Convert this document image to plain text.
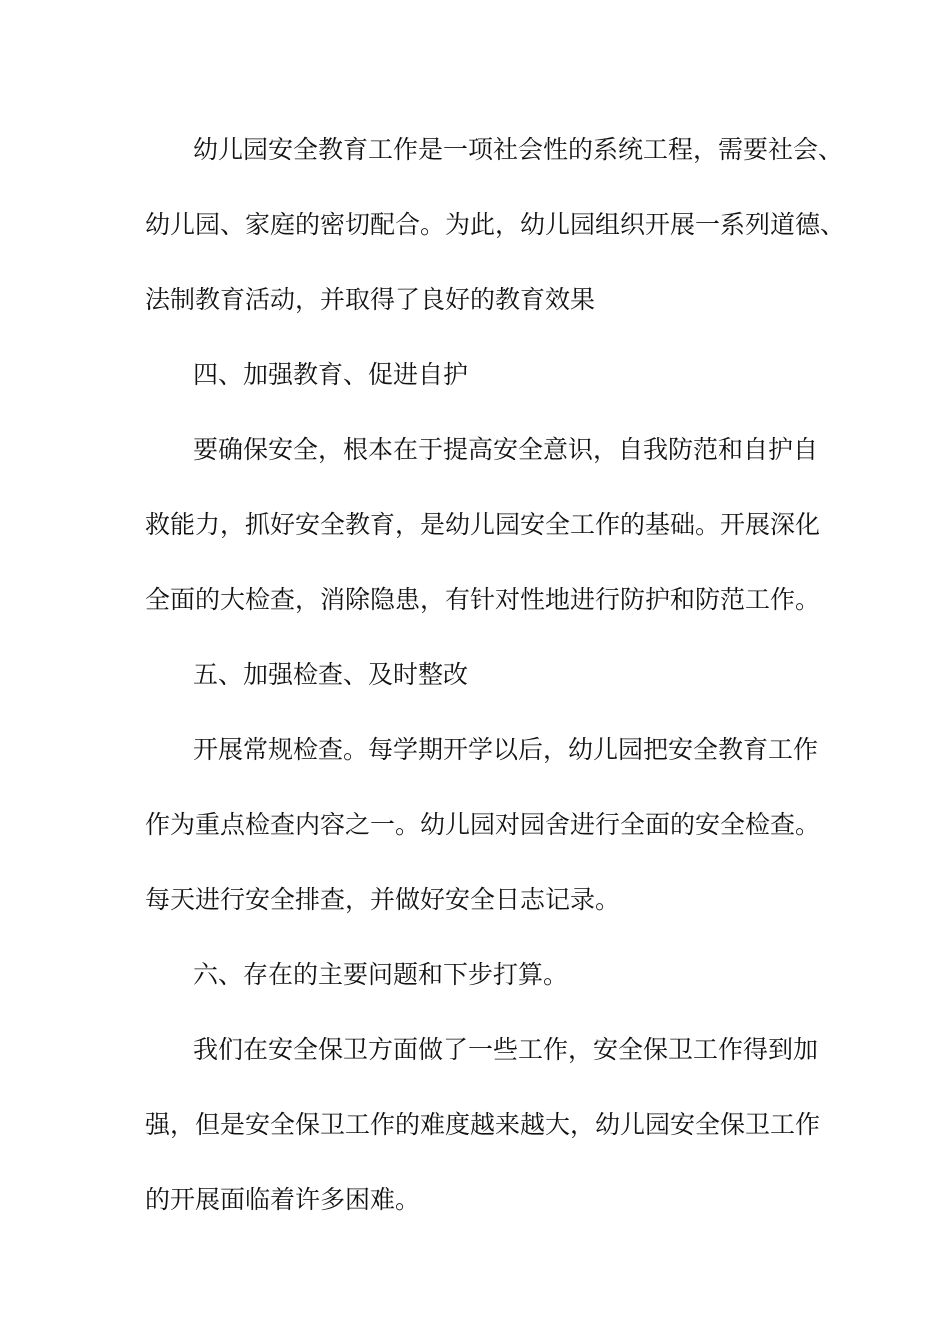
幼儿园安全教育工作是一项社会性的系统工程，需要社会、
幼儿园、家庭的密切配合。为此，幼儿园组织开展一系列道德、
法制教育活动，并取得了良好的教育效果
四、加强教育、促进自护
要确保安全，根本在于提高安全意识，自我防范和自护自
救能力，抓好安全教育，是幼儿园安全工作的基础。开展深化
全面的大检查，消除隐患，有针对性地进行防护和防范工作。
五、加强检查、及时整改
开展常规检查。每学期开学以后，幼儿园把安全教育工作
作为重点检查内容之一。幼儿园对园舍进行全面的安全检查。
每天进行安全排查，并做好安全日志记录。
六、存在的主要问题和下步打算。
我们在安全保卫方面做了一些工作，安全保卫工作得到加
强，但是安全保卫工作的难度越来越大，幼儿园安全保卫工作
的开展面临着许多困难。
